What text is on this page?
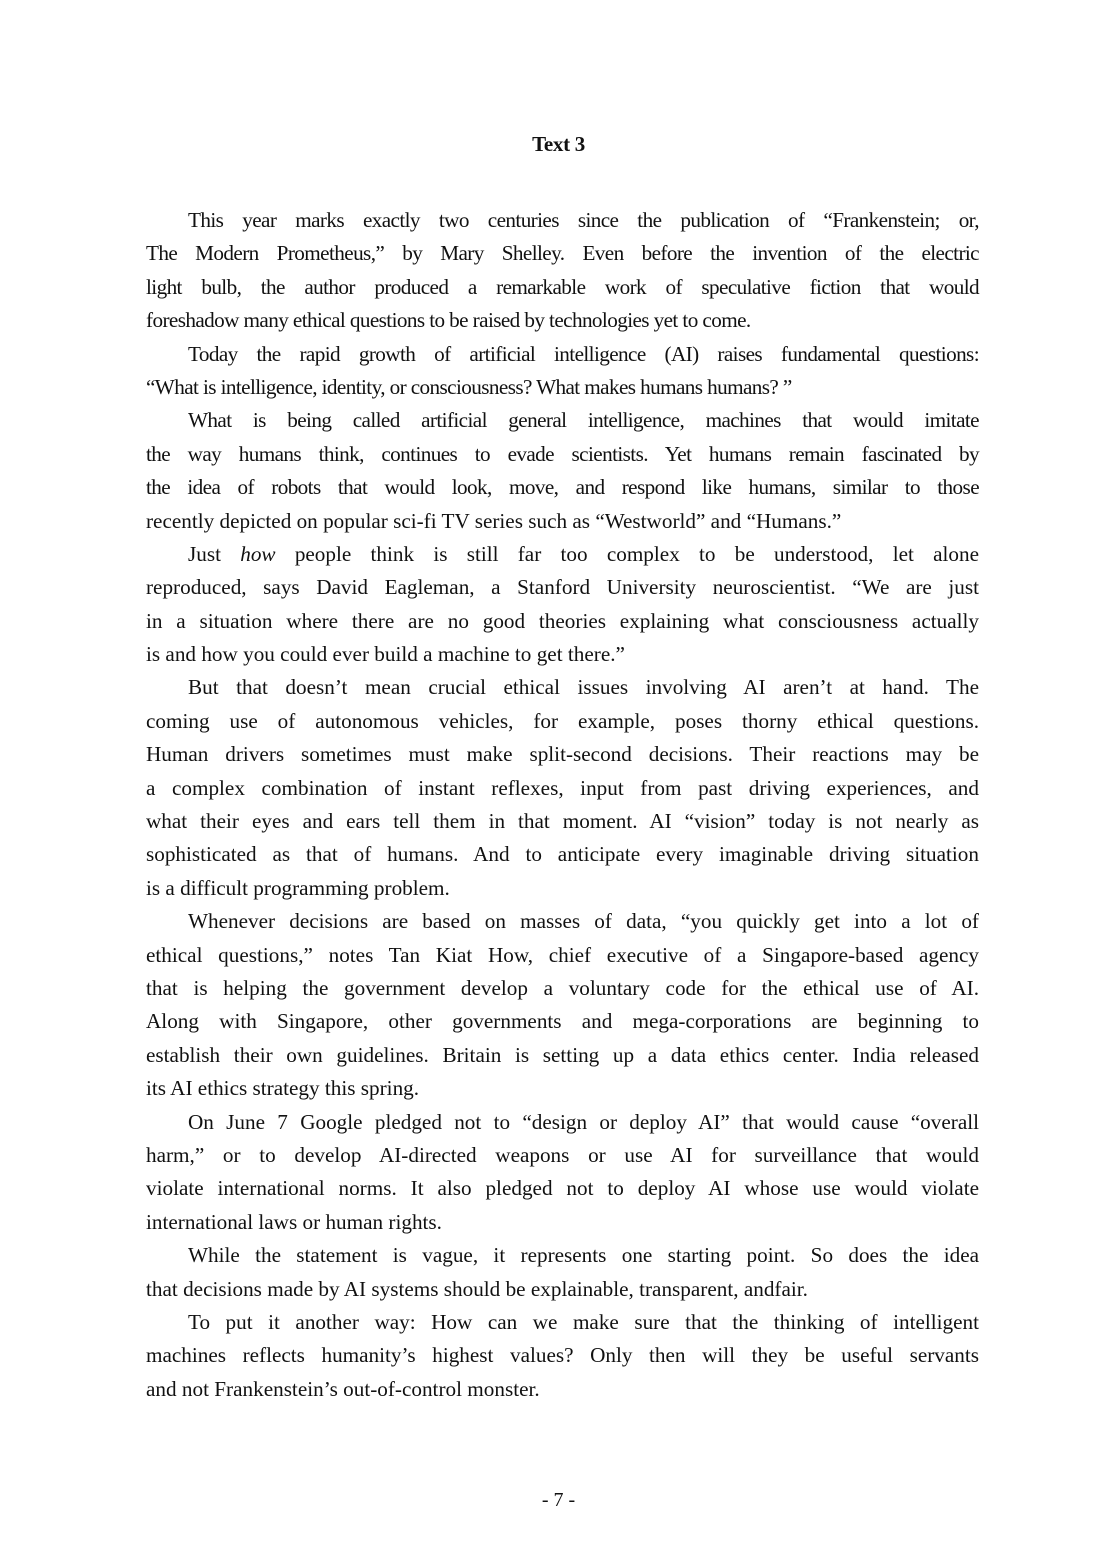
Text 3
This year marks exactly two centuries since the publication of “Frankenstein; or,
The Modern Prometheus,” by Mary Shelley. Even before the invention of the electric
light bulb, the author produced a remarkable work of speculative fiction that would
foreshadow many ethical questions to be raised by technologies yet to come.
Today the rapid growth of artificial intelligence (AI) raises fundamental questions:
“What is intelligence, identity, or consciousness? What makes humans humans? ”
What is being called artificial general intelligence, machines that would imitate
the way humans think, continues to evade scientists. Yet humans remain fascinated by
the idea of robots that would look, move, and respond like humans, similar to those
recently depicted on popular sci-fi TV series such as “Westworld” and “Humans.”
Just how people think is still far too complex to be understood, let alone
reproduced, says David Eagleman, a Stanford University neuroscientist. “We are just
in a situation where there are no good theories explaining what consciousness actually
is and how you could ever build a machine to get there.”
But that doesn’t mean crucial ethical issues involving AI aren’t at hand. The
coming use of autonomous vehicles, for example, poses thorny ethical questions.
Human drivers sometimes must make split-second decisions. Their reactions may be
a complex combination of instant reflexes, input from past driving experiences, and
what their eyes and ears tell them in that moment. AI “vision” today is not nearly as
sophisticated as that of humans. And to anticipate every imaginable driving situation
is a difficult programming problem.
Whenever decisions are based on masses of data, “you quickly get into a lot of
ethical questions,” notes Tan Kiat How, chief executive of a Singapore-based agency
that is helping the government develop a voluntary code for the ethical use of AI.
Along with Singapore, other governments and mega-corporations are beginning to
establish their own guidelines. Britain is setting up a data ethics center. India released
its AI ethics strategy this spring.
On June 7 Google pledged not to “design or deploy AI” that would cause “overall
harm,” or to develop AI-directed weapons or use AI for surveillance that would
violate international norms. It also pledged not to deploy AI whose use would violate
international laws or human rights.
While the statement is vague, it represents one starting point. So does the idea
that decisions made by AI systems should be explainable, transparent, andfair.
To put it another way: How can we make sure that the thinking of intelligent
machines reflects humanity’s highest values? Only then will they be useful servants
and not Frankenstein’s out-of-control monster.
- 7 -
